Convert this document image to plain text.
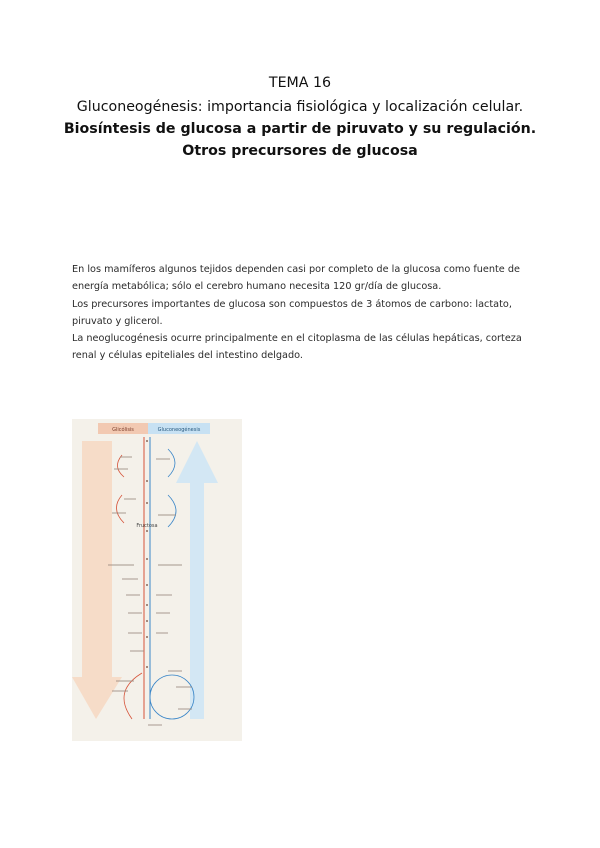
TEMA 16
Gluconeogénesis: importancia fisiológica y localización celular.
Biosíntesis de glucosa a partir de piruvato y su regulación.
Otros precursores de glucosa

En los mamíferos algunos tejidos dependen casi por completo de la glucosa como fuente de energía metabólica; sólo el cerebro humano necesita 120 gr/día de glucosa.

Los precursores importantes de glucosa son compuestos de 3 átomos de carbono: lactato, piruvato y glicerol.

La neoglucogénesis ocurre principalmente en el citoplasma de las células hepáticas, corteza renal y células epiteliales del intestino delgado.

Glicólisis	Gluconeogénesis
Fructosa
